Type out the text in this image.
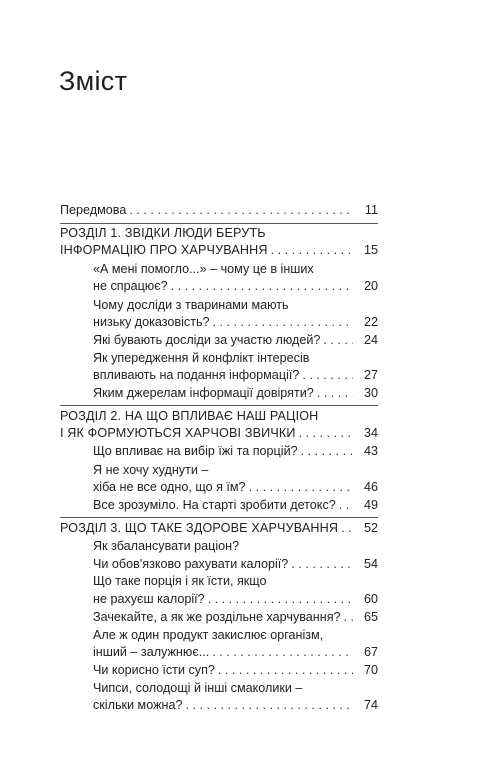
Зміст
Передмова . . .	11
РОЗДІЛ 1. ЗВІДКИ ЛЮДИ БЕРУТЬ
ІНФОРМАЦІЮ ПРО ХАРЧУВАННЯ . . .	15
«А мені помогло...» – чому це в інших
не спрацює? . . .	20
Чому досліди з тваринами мають
низьку доказовість? . . .	22
Які бувають досліди за участю людей? . . .	24
Як упередження й конфлікт інтересів
впливають на подання інформації? . . .	27
Яким джерелам інформації довіряти? . . .	30
РОЗДІЛ 2. НА ЩО ВПЛИВАЄ НАШ РАЦІОН
І ЯК ФОРМУЮТЬСЯ ХАРЧОВІ ЗВИЧКИ . . .	34
Що впливає на вибір їжі та порцій? . . .	43
Я не хочу худнути –
хіба не все одно, що я їм? . . .	46
Все зрозуміло. На старті зробити детокс? . . .	49
РОЗДІЛ 3. ЩО ТАКЕ ЗДОРОВЕ ХАРЧУВАННЯ . . .	52
Як збалансувати раціон?
Чи обов'язково рахувати калорії? . . .	54
Що таке порція і як їсти, якщо
не рахуєш калорії? . . .	60
Зачекайте, а як же роздільне харчування? . . .	65
Але ж один продукт закислює організм,
інший – залужнює... . . .	67
Чи корисно їсти суп? . . .	70
Чипси, солодощі й інші смаколики –
скільки можна? . . .	74
